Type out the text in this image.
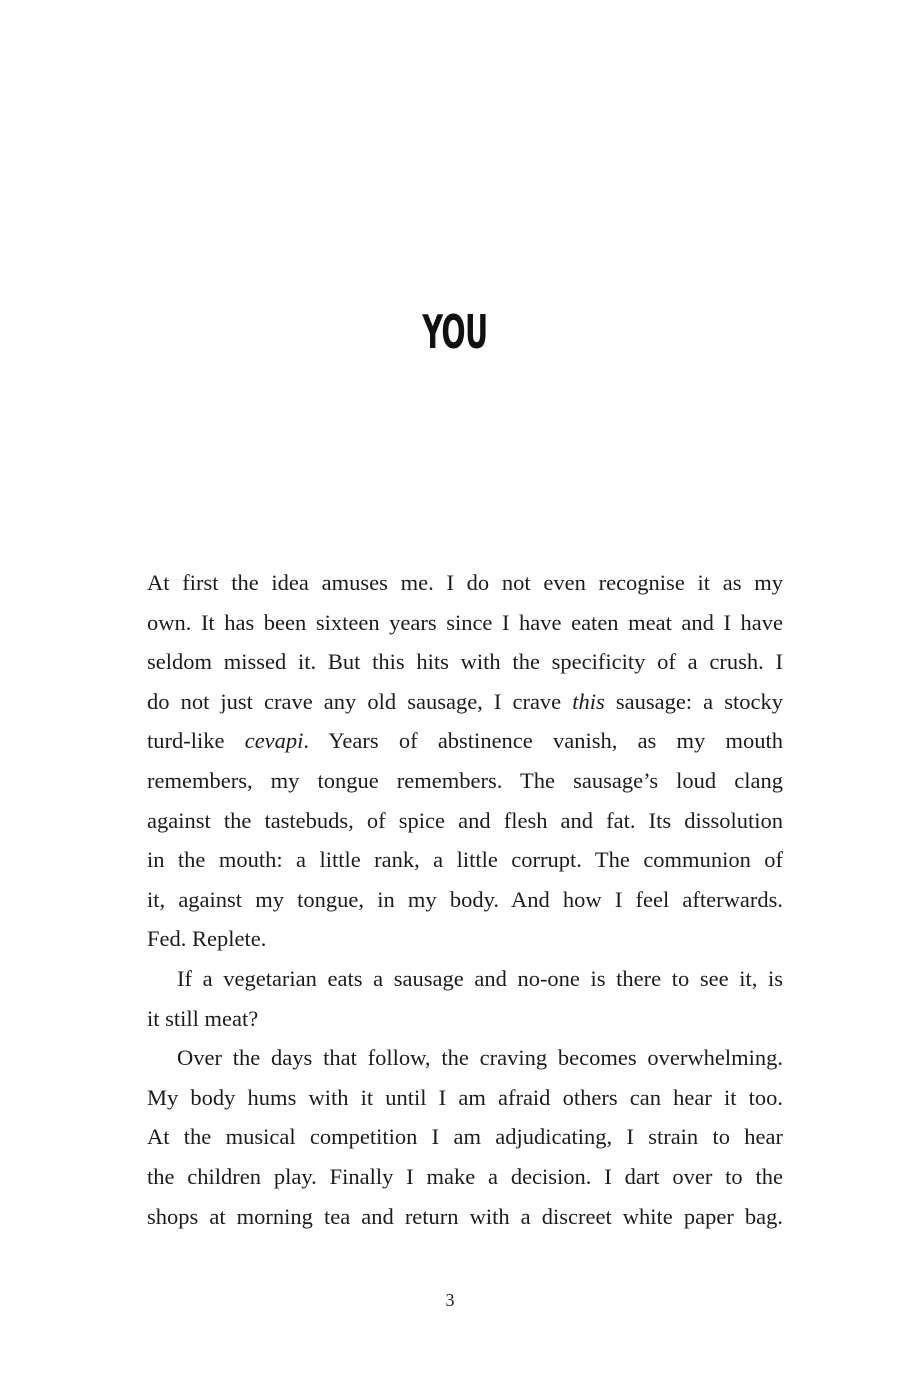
YOU

At first the idea amuses me. I do not even recognise it as my
own. It has been sixteen years since I have eaten meat and I have
seldom missed it. But this hits with the specificity of a crush. I
do not just crave any old sausage, I crave this sausage: a stocky
turd-like cevapi. Years of abstinence vanish, as my mouth
remembers, my tongue remembers. The sausage’s loud clang
against the tastebuds, of spice and flesh and fat. Its dissolution
in the mouth: a little rank, a little corrupt. The communion of
it, against my tongue, in my body. And how I feel afterwards.
Fed. Replete.

If a vegetarian eats a sausage and no-one is there to see it, is
it still meat?

Over the days that follow, the craving becomes overwhelming.
My body hums with it until I am afraid others can hear it too.
At the musical competition I am adjudicating, I strain to hear
the children play. Finally I make a decision. I dart over to the
shops at morning tea and return with a discreet white paper bag.

3
